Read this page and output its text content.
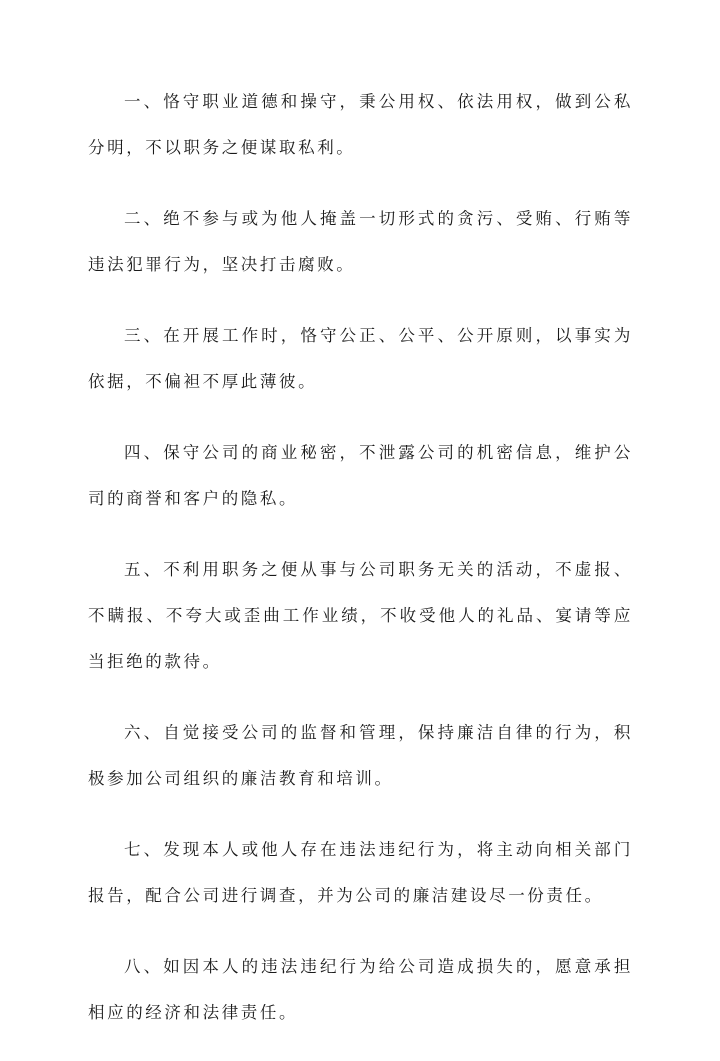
一、恪守职业道德和操守，秉公用权、依法用权，做到公私分明，不以职务之便谋取私利。

二、绝不参与或为他人掩盖一切形式的贪污、受贿、行贿等违法犯罪行为，坚决打击腐败。

三、在开展工作时，恪守公正、公平、公开原则，以事实为依据，不偏袒不厚此薄彼。

四、保守公司的商业秘密，不泄露公司的机密信息，维护公司的商誉和客户的隐私。

五、不利用职务之便从事与公司职务无关的活动，不虚报、不瞒报、不夸大或歪曲工作业绩，不收受他人的礼品、宴请等应当拒绝的款待。

六、自觉接受公司的监督和管理，保持廉洁自律的行为，积极参加公司组织的廉洁教育和培训。

七、发现本人或他人存在违法违纪行为，将主动向相关部门报告，配合公司进行调查，并为公司的廉洁建设尽一份责任。

八、如因本人的违法违纪行为给公司造成损失的，愿意承担相应的经济和法律责任。
